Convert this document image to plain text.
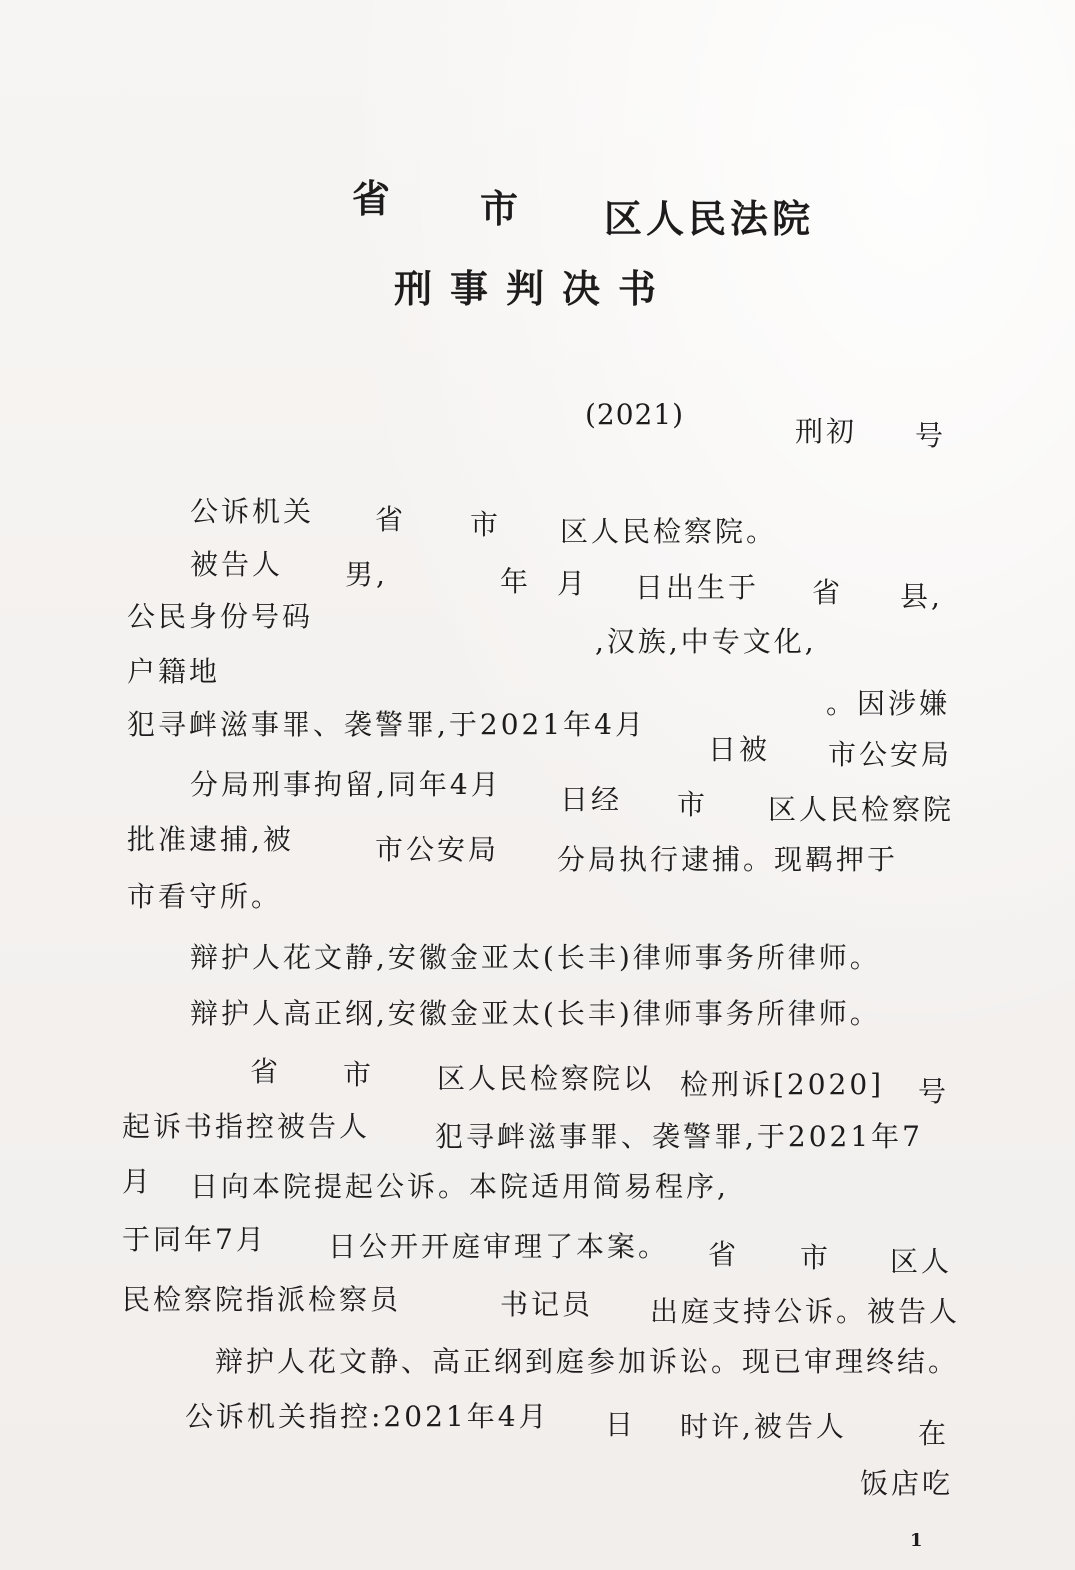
省 市 区人民法院
刑事判决书
(2021)
刑初 号
公诉机关 省 市 区人民检察院。
被告人 男,	年 月 日出生于 省 县,
公民身份号码
,汉族,中专文化,
户籍地
。因涉嫌
犯寻衅滋事罪、袭警罪,于2021年4月
日被 市公安局
分局刑事拘留,同年4月 日经 市 区人民检察院
批准逮捕,被	市公安局 分局执行逮捕。现羁押于
市看守所。
辩护人花文静,安徽金亚太(长丰)律师事务所律师。
辩护人高正纲,安徽金亚太(长丰)律师事务所律师。
省 市 区人民检察院以 检刑诉[2020] 号
起诉书指控被告人 犯寻衅滋事罪、袭警罪,于2021年7
月 日向本院提起公诉。本院适用简易程序,
于同年7月 日公开开庭审理了本案。 省 市 区人
民检察院指派检察员	书记员 出庭支持公诉。被告人
辩护人花文静、高正纲到庭参加诉讼。现已审理终结。
公诉机关指控:2021年4月 日 时许,被告人	在
饭店吃
1
